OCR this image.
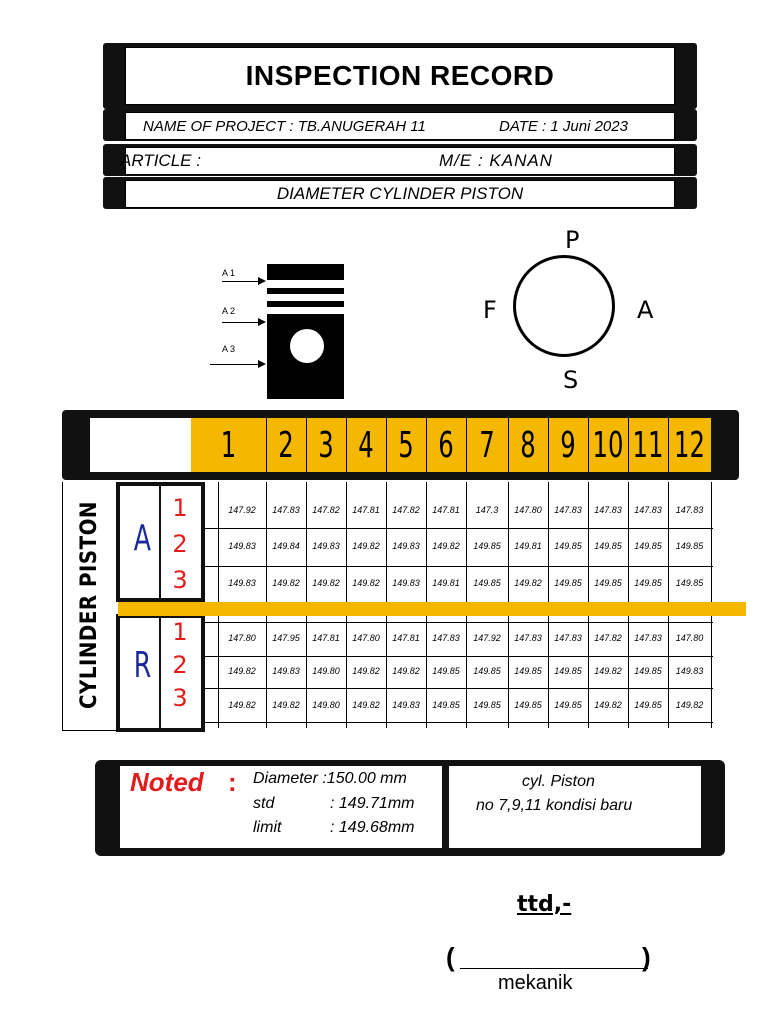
INSPECTION RECORD
NAME OF PROJECT : TB.ANUGERAH 11	DATE : 1 Juni 2023
ARTICLE :	M/E : KANAN
DIAMETER CYLINDER PISTON
A 1
A 2
A 3
P
F	A
S
1	2 3 4 5 6 7 8 9 10 11 12
CYLINDER PISTON A
R
1
2
3
1
2
3
147.92	147.83	147.82	147.81	147.82	147.81	147.3	147.80	147.83	147.83	147.83	147.83
149.83	149.84	149.83	149.82	149.83	149.82	149.85	149.81	149.85	149.85	149.85	149.85
149.83	149.82	149.82	149.82	149.83	149.81	149.85	149.82	149.85	149.85	149.85	149.85
147.80	147.95	147.81	147.80	147.81	147.83	147.92	147.83	147.83	147.82	147.83	147.80
149.82	149.83	149.80	149.82	149.82	149.85	149.85	149.85	149.85	149.82	149.85	149.83
149.82	149.82	149.80	149.82	149.83	149.85	149.85	149.85	149.85	149.82	149.85	149.82
Noted : Diameter :150.00 mm
std	: 149.71mm
limit	: 149.68mm
cyl. Piston
no 7,9,11 kondisi baru
ttd,-
(	)
mekanik
